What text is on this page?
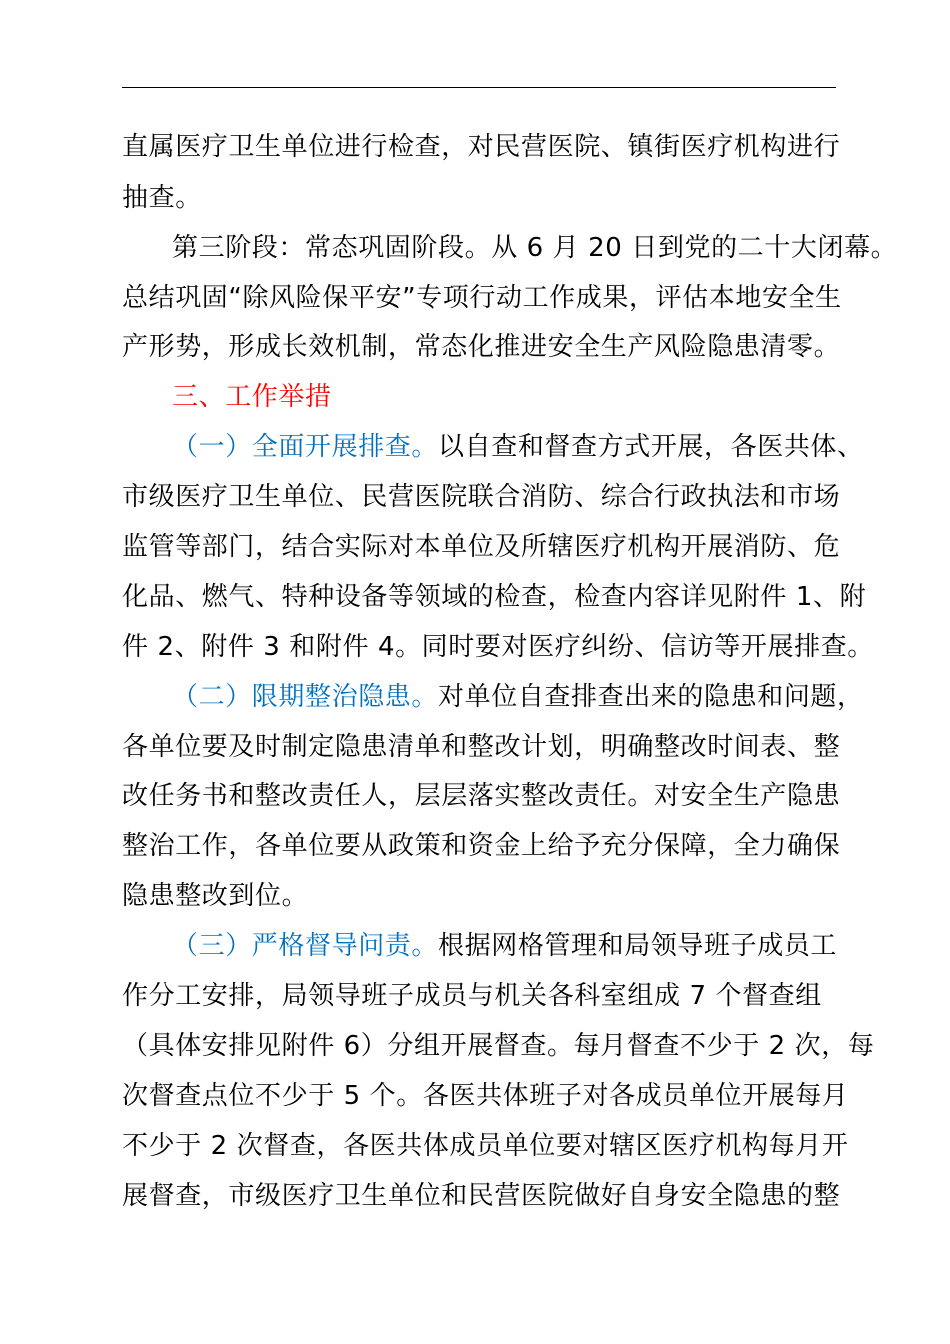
直属医疗卫生单位进行检查，对民营医院、镇街医疗机构进行
抽查。
第三阶段：常态巩固阶段。从 6 月 20 日到党的二十大闭幕。
总结巩固“除风险保平安”专项行动工作成果，评估本地安全生
产形势，形成长效机制，常态化推进安全生产风险隐患清零。
三、工作举措
（一）全面开展排查。以自查和督查方式开展，各医共体、
市级医疗卫生单位、民营医院联合消防、综合行政执法和市场
监管等部门，结合实际对本单位及所辖医疗机构开展消防、危
化品、燃气、特种设备等领域的检查，检查内容详见附件 1、附
件 2、附件 3 和附件 4。同时要对医疗纠纷、信访等开展排查。
（二）限期整治隐患。对单位自查排查出来的隐患和问题，
各单位要及时制定隐患清单和整改计划，明确整改时间表、整
改任务书和整改责任人，层层落实整改责任。对安全生产隐患
整治工作，各单位要从政策和资金上给予充分保障，全力确保
隐患整改到位。
（三）严格督导问责。根据网格管理和局领导班子成员工
作分工安排，局领导班子成员与机关各科室组成 7 个督查组
（具体安排见附件 6）分组开展督查。每月督查不少于 2 次，每
次督查点位不少于 5 个。各医共体班子对各成员单位开展每月
不少于 2 次督查，各医共体成员单位要对辖区医疗机构每月开
展督查，市级医疗卫生单位和民营医院做好自身安全隐患的整
